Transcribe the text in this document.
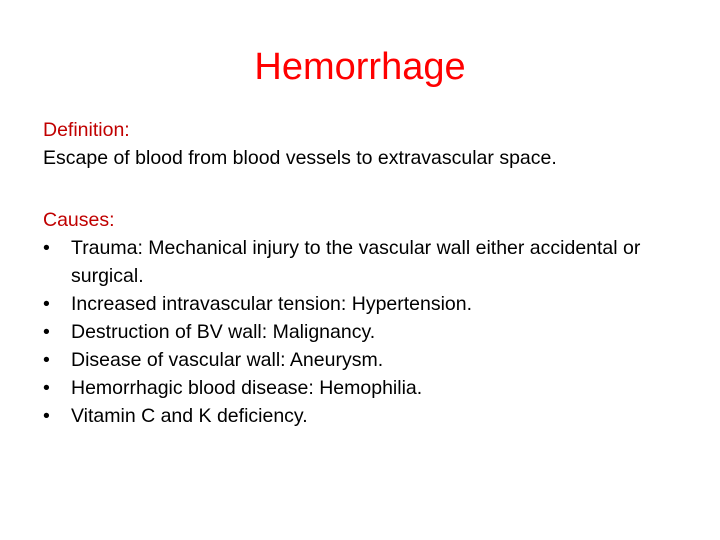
Hemorrhage
Definition:
Escape of blood from blood vessels to extravascular space.
Causes:
•	Trauma: Mechanical injury to the vascular wall either accidental or surgical.
•	Increased intravascular tension: Hypertension.
•	Destruction of BV wall: Malignancy.
•	Disease of vascular wall: Aneurysm.
•	Hemorrhagic blood disease: Hemophilia.
•	Vitamin C and K deficiency.
